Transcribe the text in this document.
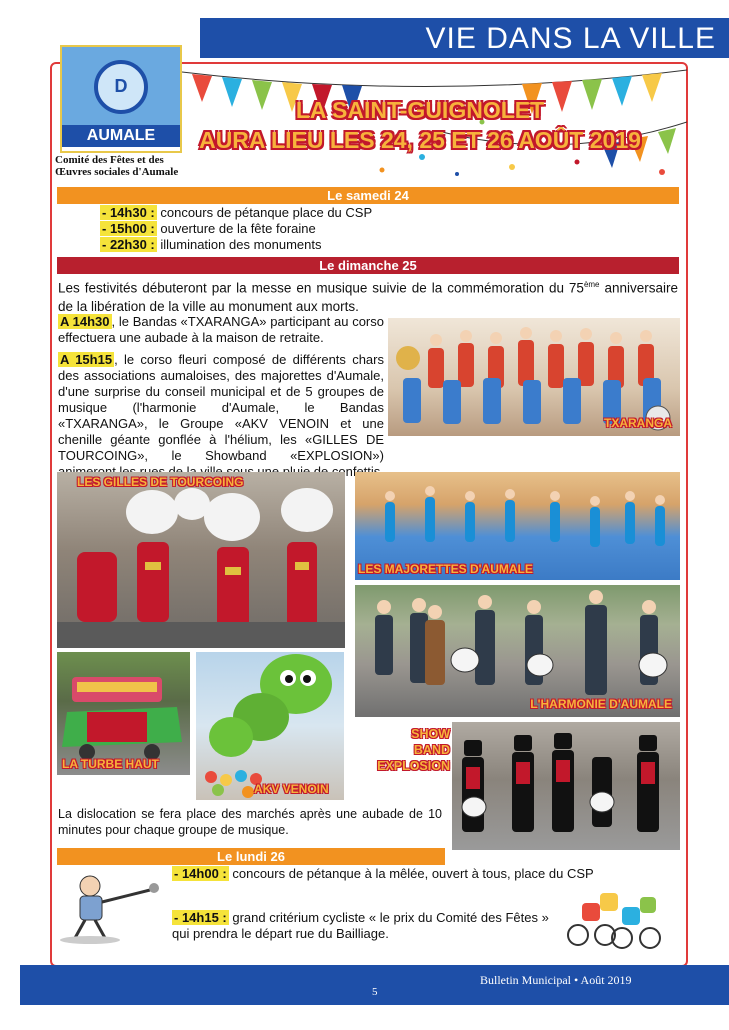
VIE DANS LA VILLE
D
AUMALE
Comité des Fêtes et des Œuvres sociales d'Aumale
LA SAINT-GUIGNOLET
AURA LIEU LES 24, 25 ET 26 AOÛT 2019
Le samedi 24
- 14h30 : concours de pétanque place du CSP
- 15h00 : ouverture de la fête foraine
- 22h30 : illumination des monuments
Le dimanche 25
Les festivités débuteront par la messe en musique suivie de la commémoration du 75ème anniversaire de la libération de la ville au monument aux morts.
A 14h30 , le Bandas «TXARANGA» participant au corso effectuera une aubade à la maison de retraite.
A 15h15 , le corso fleuri composé de différents chars des associations aumaloises, des majorettes d'Aumale, d'une surprise du conseil municipal et de 5 groupes de musique (l'harmonie d'Aumale, le Bandas «TXARANGA», le Groupe «AKV VENOIN et une chenille géante gonflée à l'hélium, les «GILLES DE TOURCOING», le Showband «EXPLOSION»)
TXARANGA
LES GILLES DE TOURCOING
LES MAJORETTES D'AUMALE
L'HARMONIE D'AUMALE
LA TURBE HAUT
AKV VENOIN
SHOW
BAND
EXPLOSION
La dislocation se fera place des marchés après une aubade de 10 minutes pour chaque groupe de musique.
Le lundi 26
- 14h00 : concours de pétanque à la mêlée, ouvert à tous, place du CSP
- 14h15 : grand critérium cycliste « le prix du Comité des Fêtes » qui prendra le départ rue du Bailliage.
Bulletin Municipal • Août 2019
5
